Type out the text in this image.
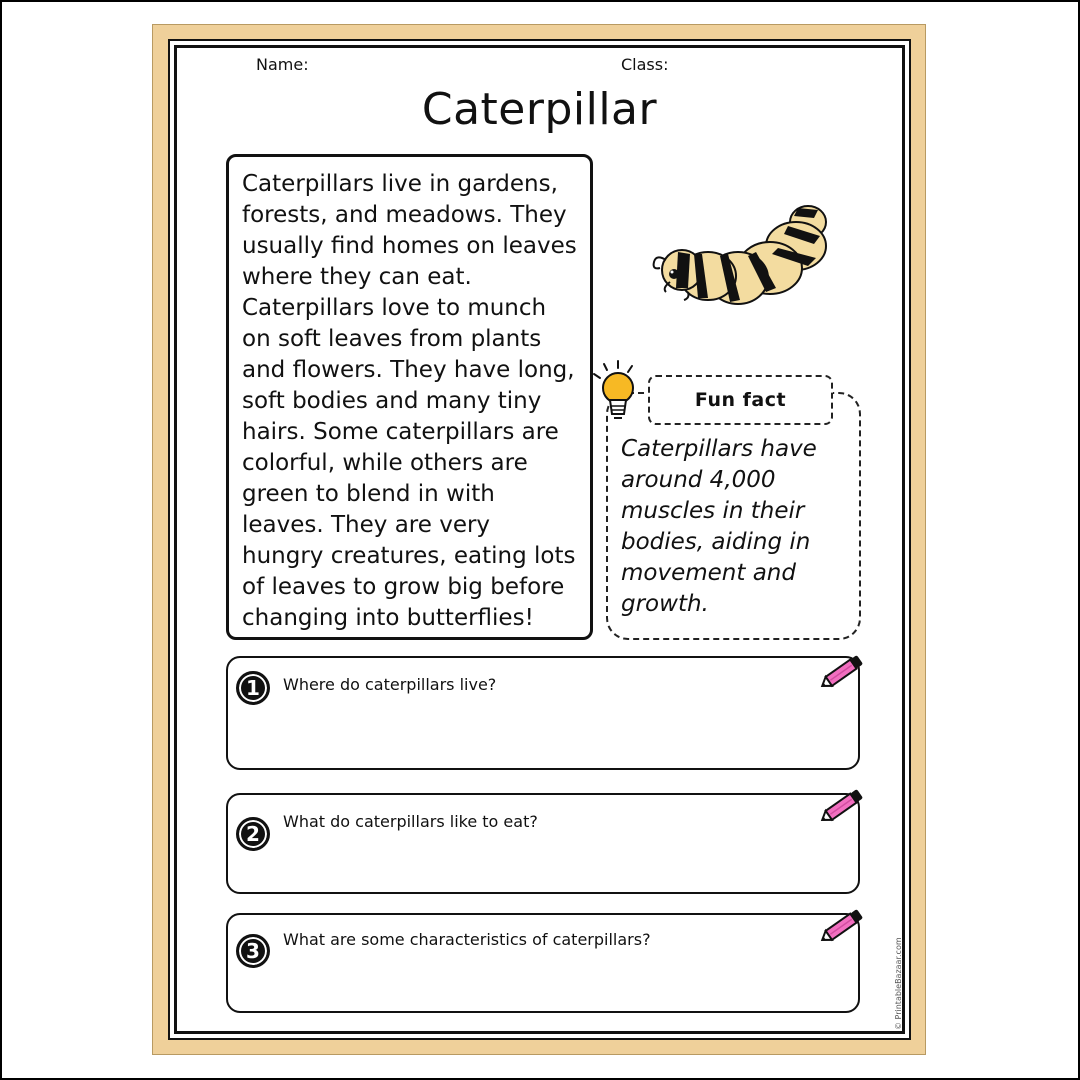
Name:	Class:
Caterpillar

Caterpillars live in gardens, forests, and meadows. They usually find homes on leaves where they can eat. Caterpillars love to munch on soft leaves from plants and flowers. They have long, soft bodies and many tiny hairs. Some caterpillars are colorful, while others are green to blend in with leaves. They are very hungry creatures, eating lots of leaves to grow big before changing into butterflies!

Fun fact

Caterpillars have around 4,000 muscles in their bodies, aiding in movement and growth.

1
2
3
Where do caterpillars live?
What do caterpillars like to eat?
What are some characteristics of caterpillars?	© PrintableBazaar.com
